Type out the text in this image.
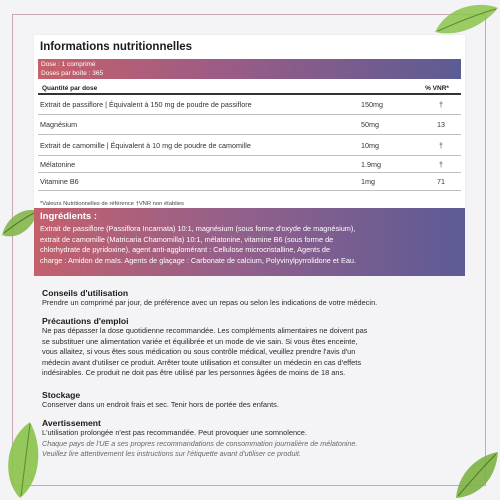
Informations nutritionnelles
Dose : 1 comprimé
Doses par boîte : 365
Quantité par dose	% VNR*
Extrait de passiflore | Équivalent à 150 mg de poudre de passiflore	150mg	†
Magnésium	50mg	13
Extrait de camomille | Équivalent à 10 mg de poudre de camomille	10mg	†
Mélatonine	1.9mg	†
Vitamine B6	1mg	71
*Valeurs Nutritionnelles de référence †VNR non établies
Ingrédients :
Extrait de passiflore (Passiflora Incarnata) 10:1, magnésium (sous forme d'oxyde de magnésium),
extrait de camomille (Matricaria Chamomilla) 10:1, mélatonine, vitamine B6 (sous forme de
chlorhydrate de pyridoxine), agent anti-agglomérant : Cellulose microcristalline, Agents de
charge : Amidon de maïs. Agents de glaçage : Carbonate de calcium, Polyvinylpyrrolidone et Eau.
Conseils d'utilisation
Prendre un comprimé par jour, de préférence avec un repas ou selon les indications de votre médecin.
Précautions d'emploi
Ne pas dépasser la dose quotidienne recommandée. Les compléments alimentaires ne doivent pas
se substituer une alimentation variée et équilibrée et un mode de vie sain. Si vous êtes enceinte,
vous allaitez, si vous êtes sous médication ou sous contrôle médical, veuillez prendre l'avis d'un
médecin avant d'utiliser ce produit. Arrêter toute utilisation et consulter un médecin en cas d'effets
indésirables. Ce produit ne doit pas être utilisé par les personnes âgées de moins de 18 ans.
Stockage
Conserver dans un endroit frais et sec. Tenir hors de portée des enfants.
Avertissement
L'utilisation prolongée n'est pas recommandée. Peut provoquer une somnolence.
Chaque pays de l'UE a ses propres recommandations de consommation journalière de mélatonine.
Veuillez lire attentivement les instructions sur l'étiquette avant d'utiliser ce produit.
